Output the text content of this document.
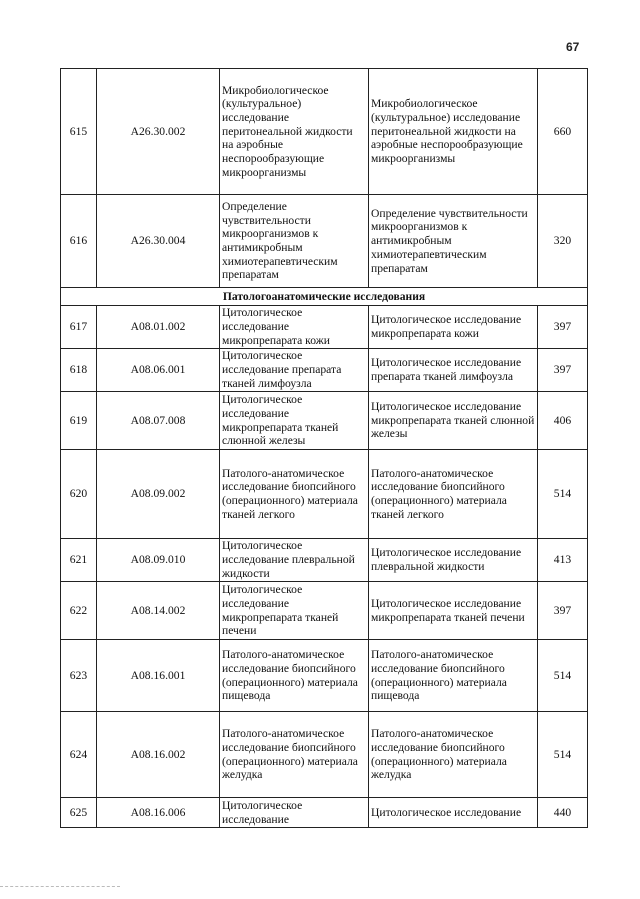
67
615	A26.30.002	Микробиологическое (культуральное) исследование перитонеальной жидкости на аэробные неспорообразующие микроорганизмы	Микробиологическое (культуральное) исследование перитонеальной жидкости на аэробные неспорообразующие микроорганизмы	660
616	A26.30.004	Определение чувствительности микроорганизмов к антимикробным химиотерапевтическим препаратам	Определение чувствительности микроорганизмов к антимикробным химиотерапевтическим препаратам	320
Патологоанатомические исследования				
617	A08.01.002	Цитологическое исследование микропрепарата кожи	Цитологическое исследование микропрепарата кожи	397
618	A08.06.001	Цитологическое исследование препарата тканей лимфоузла	Цитологическое исследование препарата тканей лимфоузла	397
619	A08.07.008	Цитологическое исследование микропрепарата тканей слюнной железы	Цитологическое исследование микропрепарата тканей слюнной железы	406
620	A08.09.002	Патолого-анатомическое исследование биопсийного (операционного) материала тканей легкого	Патолого-анатомическое исследование биопсийного (операционного) материала тканей легкого	514
621	A08.09.010	Цитологическое исследование плевральной жидкости	Цитологическое исследование плевральной жидкости	413
622	A08.14.002	Цитологическое исследование микропрепарата тканей печени	Цитологическое исследование микропрепарата тканей печени	397
623	A08.16.001	Патолого-анатомическое исследование биопсийного (операционного) материала пищевода	Патолого-анатомическое исследование биопсийного (операционного) материала пищевода	514
624	A08.16.002	Патолого-анатомическое исследование биопсийного (операционного) материала желудка	Патолого-анатомическое исследование биопсийного (операционного) материала желудка	514
625	A08.16.006	Цитологическое исследование	Цитологическое исследование	440
